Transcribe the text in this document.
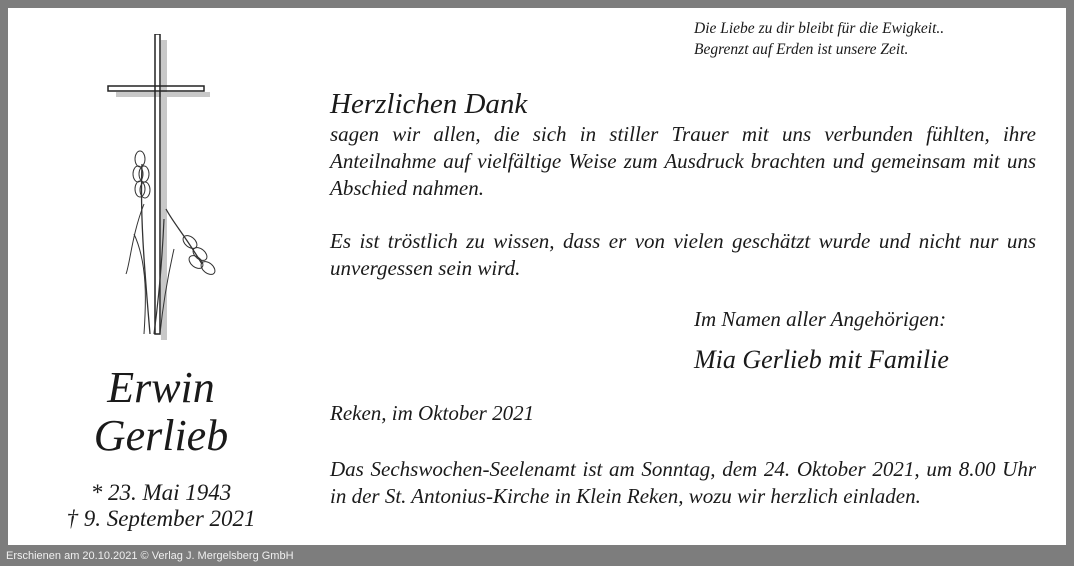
Die Liebe zu dir bleibt für die Ewigkeit..
Begrenzt auf Erden ist unsere Zeit.
Herzlichen Dank
sagen wir allen, die sich in stiller Trauer mit uns verbunden fühlten, ihre Anteilnahme auf vielfältige Weise zum Ausdruck brachten und gemeinsam mit uns Abschied nahmen.
Es ist tröstlich zu wissen, dass er von vielen geschätzt wurde und nicht nur uns unvergessen sein wird.
Im Namen aller Angehörigen:
Mia Gerlieb mit Familie
Reken, im Oktober 2021
Das Sechswochen-Seelenamt ist am Sonntag, dem 24. Oktober 2021, um 8.00 Uhr in der St. Antonius-Kirche in Klein Reken, wozu wir herzlich einladen.
Erwin
Gerlieb
* 23. Mai 1943
† 9. September 2021
Erschienen am 20.10.2021 © Verlag J. Mergelsberg GmbH
